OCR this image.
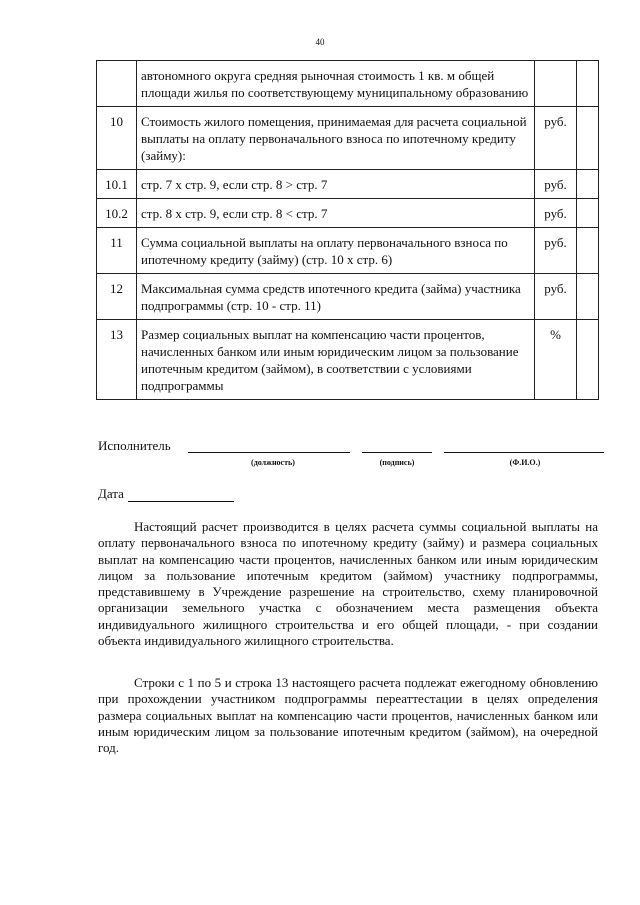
40
	автономного округа средняя рыночная стоимость 1 кв. м общей площади жилья по соответствующему муниципальному образованию		
10	Стоимость жилого помещения, принимаемая для расчета социальной выплаты на оплату первоначального взноса по ипотечному кредиту (займу):	руб.	
10.1	стр. 7 x стр. 9, если стр. 8 > стр. 7	руб.	
10.2	стр. 8 x стр. 9, если стр. 8 < стр. 7	руб.	
11	Сумма социальной выплаты на оплату первоначального взноса по ипотечному кредиту (займу) (стр. 10 x стр. 6)	руб.	
12	Максимальная сумма средств ипотечного кредита (займа) участника подпрограммы (стр. 10 - стр. 11)	руб.	
13	Размер социальных выплат на компенсацию части процентов, начисленных банком или иным юридическим лицом за пользование ипотечным кредитом (займом), в соответствии с условиями подпрограммы	%	
Исполнитель
(должность)	(подпись)	(Ф.И.О.)
Дата

Настоящий расчет производится в целях расчета суммы социальной выплаты на оплату первоначального взноса по ипотечному кредиту (займу) и размера социальных выплат на компенсацию части процентов, начисленных банком или иным юридическим лицом за пользование ипотечным кредитом (займом) участнику подпрограммы, представившему в Учреждение разрешение на строительство, схему планировочной организации земельного участка с обозначением места размещения объекта индивидуального жилищного строительства и его общей площади, - при создании объекта индивидуального жилищного строительства.

Строки с 1 по 5 и строка 13 настоящего расчета подлежат ежегодному обновлению при прохождении участником подпрограммы переаттестации в целях определения размера социальных выплат на компенсацию части процентов, начисленных банком или иным юридическим лицом за пользование ипотечным кредитом (займом), на очередной год.
